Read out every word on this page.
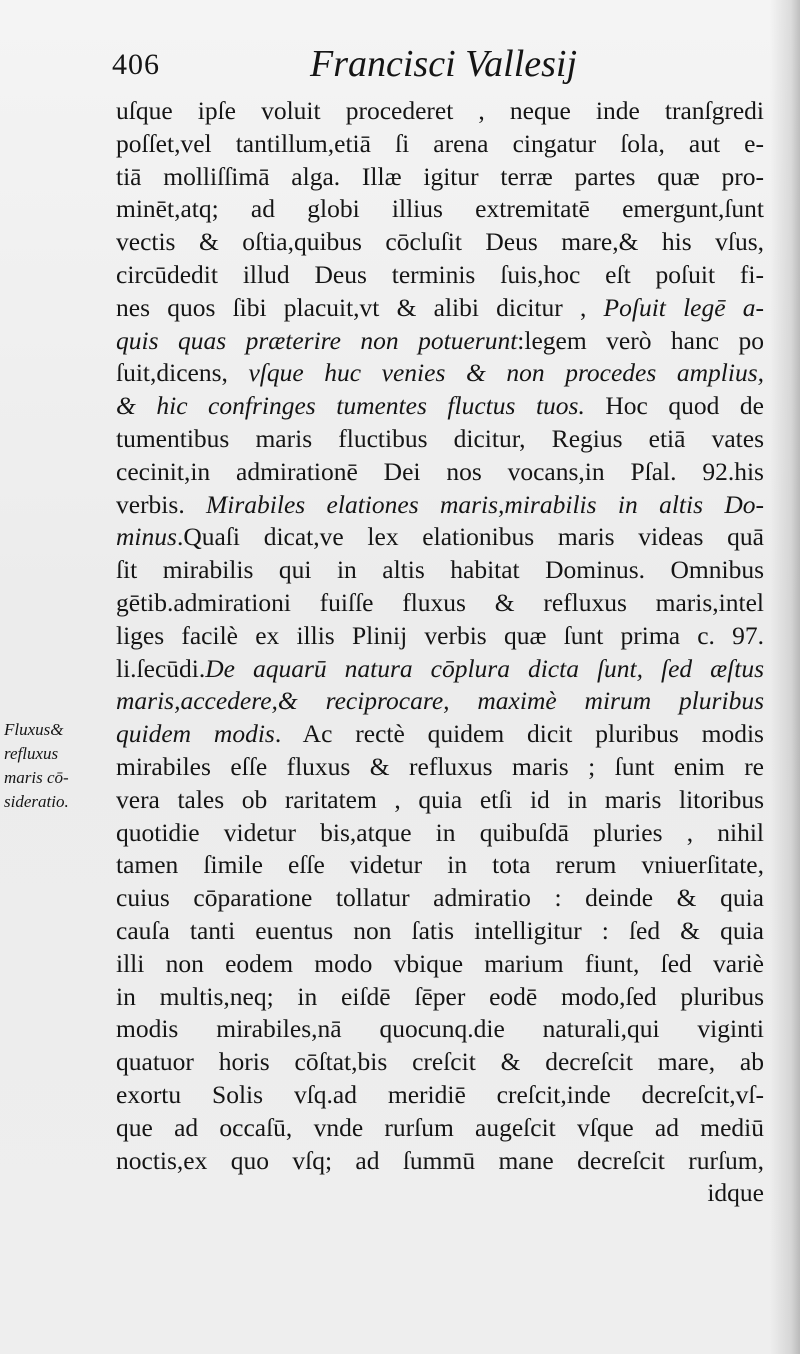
406	Francisci Vallesij
Fluxus&
refluxus
maris cō-
sideratio.
uſque ipſe voluit procederet , neque inde tranſgredi
poſſet,vel tantillum,etiā ſi arena cingatur ſola, aut e-
tiā molliſſimā alga. Illæ igitur terræ partes quæ pro-
minēt,atq; ad globi illius extremitatē emergunt,ſunt
vectis & oſtia,quibus cōcluſit Deus mare,& his vſus,
circūdedit illud Deus terminis ſuis,hoc eſt poſuit fi-
nes quos ſibi placuit,vt & alibi dicitur , Poſuit legē a-
quis quas præterire non potuerunt:legem verò hanc po
ſuit,dicens, vſque huc venies & non procedes amplius,
& hic confringes tumentes fluctus tuos. Hoc quod de
tumentibus maris fluctibus dicitur, Regius etiā vates
cecinit,in admirationē Dei nos vocans,in Pſal. 92.his
verbis. Mirabiles elationes maris,mirabilis in altis Do-
minus.Quaſi dicat,ve lex elationibus maris videas quā
ſit mirabilis qui in altis habitat Dominus. Omnibus
gētib.admirationi fuiſſe fluxus & refluxus maris,intel
liges facilè ex illis Plinij verbis quæ ſunt prima c. 97.
li.ſecūdi.De aquarū natura cōplura dicta ſunt, ſed æſtus
maris,accedere,& reciprocare, maximè mirum pluribus
quidem modis. Ac rectè quidem dicit pluribus modis
mirabiles eſſe fluxus & refluxus maris ; ſunt enim re
vera tales ob raritatem , quia etſi id in maris litoribus
quotidie videtur bis,atque in quibuſdā pluries , nihil
tamen ſimile eſſe videtur in tota rerum vniuerſitate,
cuius cōparatione tollatur admiratio : deinde & quia
cauſa tanti euentus non ſatis intelligitur : ſed & quia
illi non eodem modo vbique marium fiunt, ſed variè
in multis,neq; in eiſdē ſēper eodē modo,ſed pluribus
modis mirabiles,nā quocunq.die naturali,qui viginti
quatuor horis cōſtat,bis creſcit & decreſcit mare, ab
exortu Solis vſq.ad meridiē creſcit,inde decreſcit,vſ-
que ad occaſū, vnde rurſum augeſcit vſque ad mediū
noctis,ex quo vſq; ad ſummū mane decreſcit rurſum,
idque
